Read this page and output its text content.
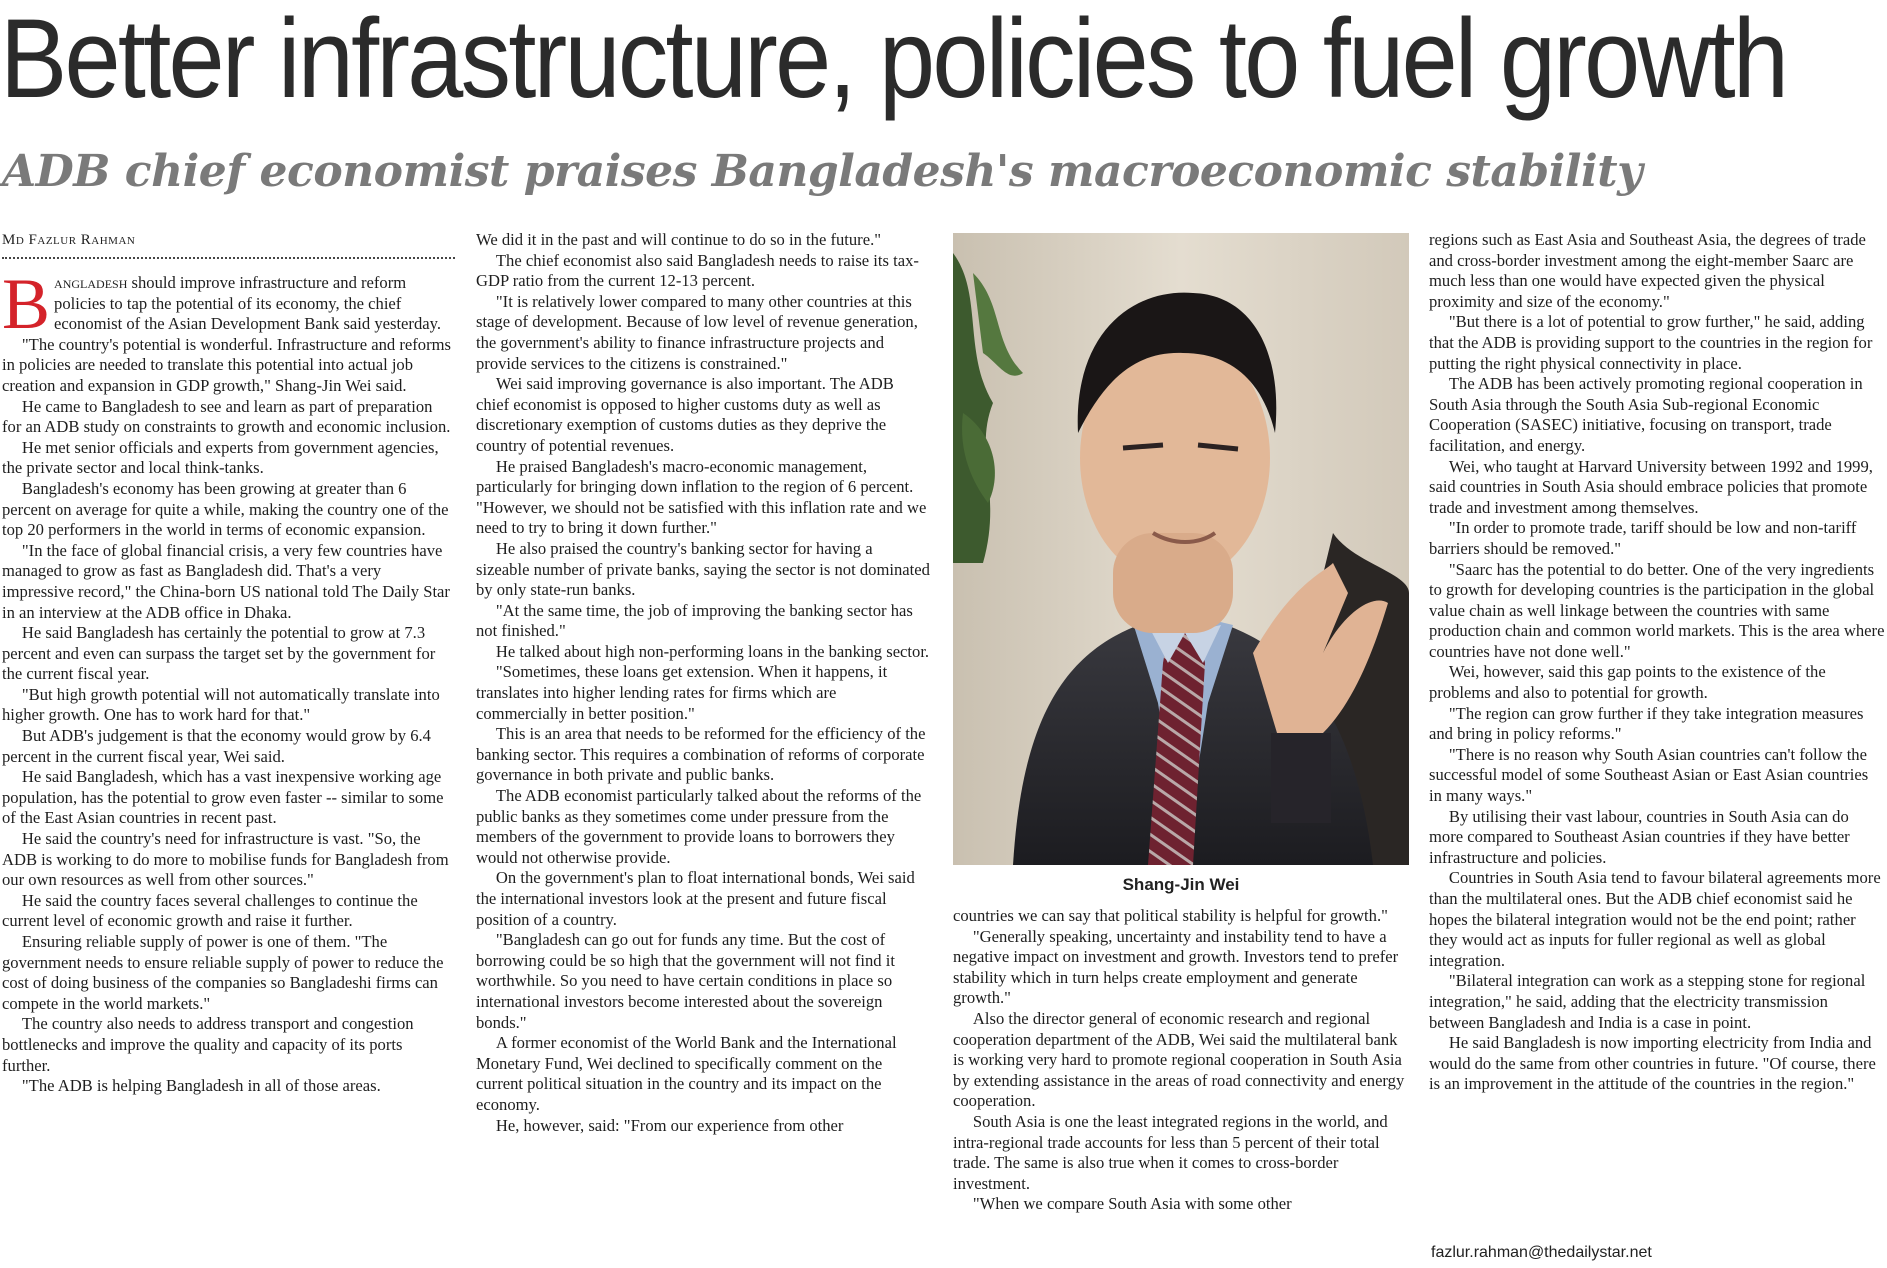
Better infrastructure, policies to fuel growth
ADB chief economist praises Bangladesh's macroeconomic stability
Md Fazlur Rahman

Bangladesh should improve infrastructure and reform policies to tap the potential of its economy, the chief economist of the Asian Development Bank said yesterday.

"The country's potential is wonderful. Infrastructure and reforms in policies are needed to translate this potential into actual job creation and expansion in GDP growth," Shang-Jin Wei said.

He came to Bangladesh to see and learn as part of preparation for an ADB study on constraints to growth and economic inclusion.

He met senior officials and experts from government agencies, the private sector and local think-tanks.

Bangladesh's economy has been growing at greater than 6 percent on average for quite a while, making the country one of the top 20 performers in the world in terms of economic expansion.

"In the face of global financial crisis, a very few countries have managed to grow as fast as Bangladesh did. That's a very impressive record," the China-born US national told The Daily Star in an interview at the ADB office in Dhaka.

He said Bangladesh has certainly the potential to grow at 7.3 percent and even can surpass the target set by the government for the current fiscal year.

"But high growth potential will not automatically translate into higher growth. One has to work hard for that."

But ADB's judgement is that the economy would grow by 6.4 percent in the current fiscal year, Wei said.

He said Bangladesh, which has a vast inexpensive working age population, has the potential to grow even faster -- similar to some of the East Asian countries in recent past.

He said the country's need for infrastructure is vast. "So, the ADB is working to do more to mobilise funds for Bangladesh from our own resources as well from other sources."

He said the country faces several challenges to continue the current level of economic growth and raise it further.

Ensuring reliable supply of power is one of them. "The government needs to ensure reliable supply of power to reduce the cost of doing business of the companies so Bangladeshi firms can compete in the world markets."

The country also needs to address transport and congestion bottlenecks and improve the quality and capacity of its ports further.

"The ADB is helping Bangladesh in all of those areas.

We did it in the past and will continue to do so in the future."

The chief economist also said Bangladesh needs to raise its tax-GDP ratio from the current 12-13 percent.

"It is relatively lower compared to many other countries at this stage of development. Because of low level of revenue generation, the government's ability to finance infrastructure projects and provide services to the citizens is constrained."

Wei said improving governance is also important. The ADB chief economist is opposed to higher customs duty as well as discretionary exemption of customs duties as they deprive the country of potential revenues.

He praised Bangladesh's macro-economic management, particularly for bringing down inflation to the region of 6 percent. "However, we should not be satisfied with this inflation rate and we need to try to bring it down further."

He also praised the country's banking sector for having a sizeable number of private banks, saying the sector is not dominated by only state-run banks.

"At the same time, the job of improving the banking sector has not finished."

He talked about high non-performing loans in the banking sector.

"Sometimes, these loans get extension. When it happens, it translates into higher lending rates for firms which are commercially in better position."

This is an area that needs to be reformed for the efficiency of the banking sector. This requires a combination of reforms of corporate governance in both private and public banks.

The ADB economist particularly talked about the reforms of the public banks as they sometimes come under pressure from the members of the government to provide loans to borrowers they would not otherwise provide.

On the government's plan to float international bonds, Wei said the international investors look at the present and future fiscal position of a country.

"Bangladesh can go out for funds any time. But the cost of borrowing could be so high that the government will not find it worthwhile. So you need to have certain conditions in place so international investors become interested about the sovereign bonds."

A former economist of the World Bank and the International Monetary Fund, Wei declined to specifically comment on the current political situation in the country and its impact on the economy.

He, however, said: "From our experience from other

Shang-Jin Wei

countries we can say that political stability is helpful for growth."

"Generally speaking, uncertainty and instability tend to have a negative impact on investment and growth. Investors tend to prefer stability which in turn helps create employment and generate growth."

Also the director general of economic research and regional cooperation department of the ADB, Wei said the multilateral bank is working very hard to promote regional cooperation in South Asia by extending assistance in the areas of road connectivity and energy cooperation.

South Asia is one the least integrated regions in the world, and intra-regional trade accounts for less than 5 percent of their total trade. The same is also true when it comes to cross-border investment.

"When we compare South Asia with some other

regions such as East Asia and Southeast Asia, the degrees of trade and cross-border investment among the eight-member Saarc are much less than one would have expected given the physical proximity and size of the economy."

"But there is a lot of potential to grow further," he said, adding that the ADB is providing support to the countries in the region for putting the right physical connectivity in place.

The ADB has been actively promoting regional cooperation in South Asia through the South Asia Sub-regional Economic Cooperation (SASEC) initiative, focusing on transport, trade facilitation, and energy.

Wei, who taught at Harvard University between 1992 and 1999, said countries in South Asia should embrace policies that promote trade and investment among themselves.

"In order to promote trade, tariff should be low and non-tariff barriers should be removed."

"Saarc has the potential to do better. One of the very ingredients to growth for developing countries is the participation in the global value chain as well linkage between the countries with same production chain and common world markets. This is the area where countries have not done well."

Wei, however, said this gap points to the existence of the problems and also to potential for growth.

"The region can grow further if they take integration measures and bring in policy reforms."

"There is no reason why South Asian countries can't follow the successful model of some Southeast Asian or East Asian countries in many ways."

By utilising their vast labour, countries in South Asia can do more compared to Southeast Asian countries if they have better infrastructure and policies.

Countries in South Asia tend to favour bilateral agreements more than the multilateral ones. But the ADB chief economist said he hopes the bilateral integration would not be the end point; rather they would act as inputs for fuller regional as well as global integration.

"Bilateral integration can work as a stepping stone for regional integration," he said, adding that the electricity transmission between Bangladesh and India is a case in point.

He said Bangladesh is now importing electricity from India and would do the same from other countries in future. "Of course, there is an improvement in the attitude of the countries in the region."

fazlur.rahman@thedailystar.net
